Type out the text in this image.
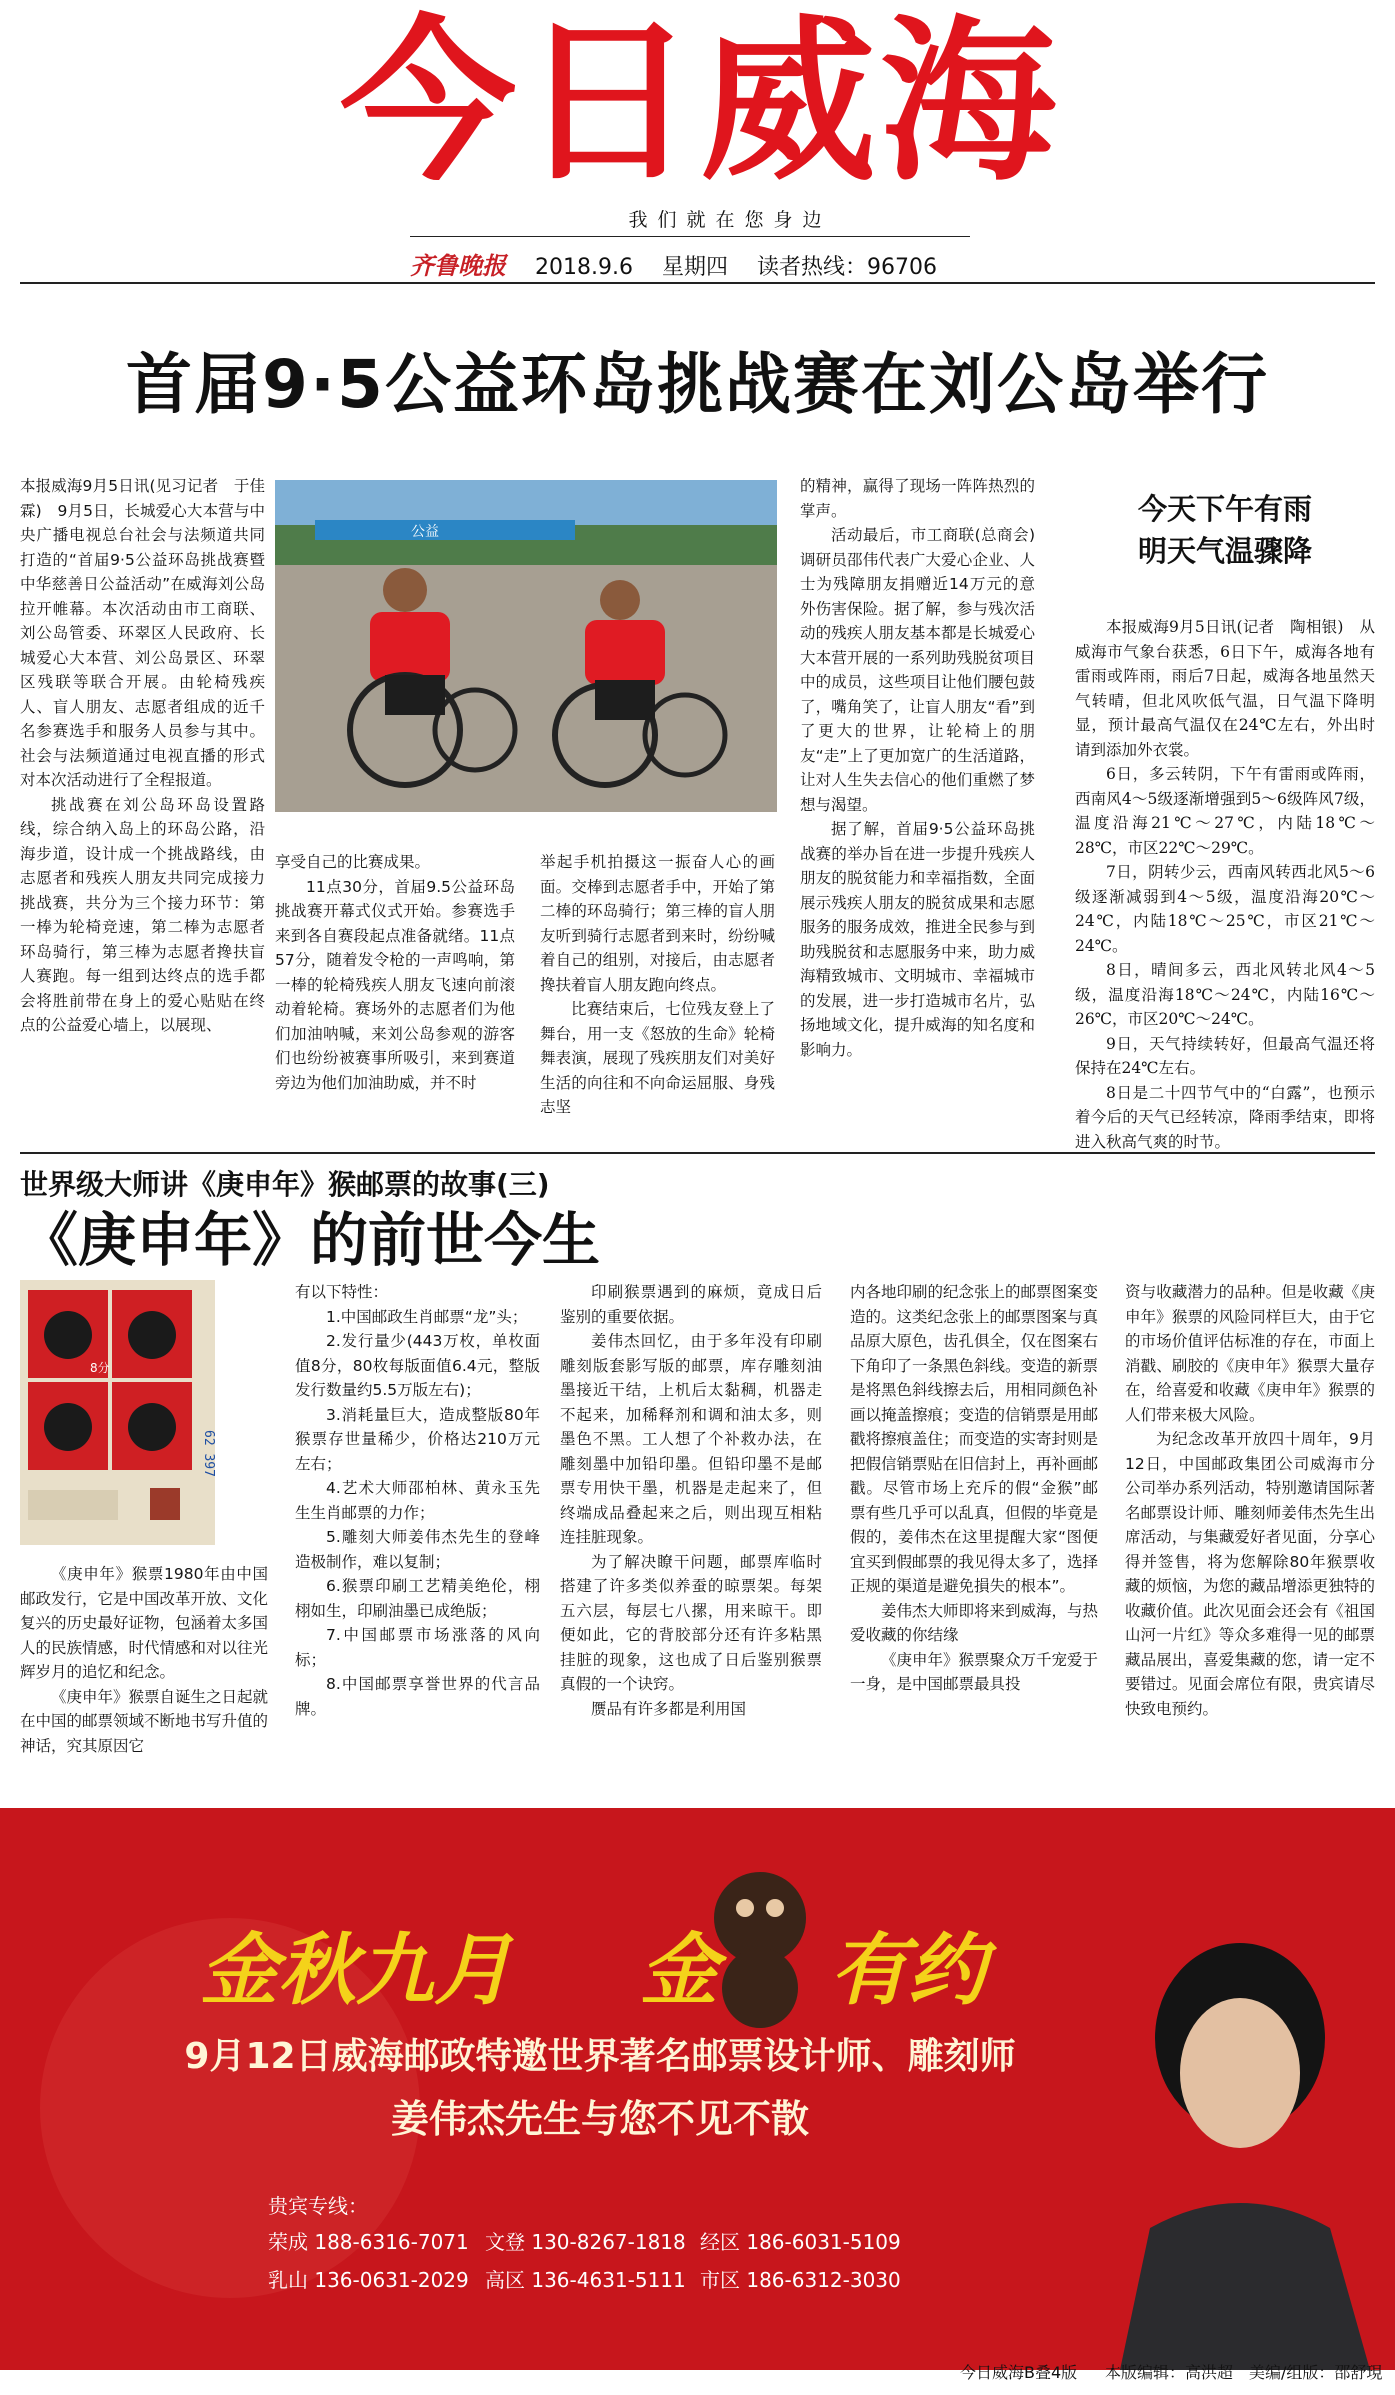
今日威海
我们就在您身边
齐鲁晚报 2018.9.6 星期四 读者热线：96706
首届9·5公益环岛挑战赛在刘公岛举行

本报威海9月5日讯(见习记者　于佳霖)　9月5日，长城爱心大本营与中央广播电视总台社会与法频道共同打造的“首届9·5公益环岛挑战赛暨中华慈善日公益活动”在威海刘公岛拉开帷幕。本次活动由市工商联、刘公岛管委、环翠区人民政府、长城爱心大本营、刘公岛景区、环翠区残联等联合开展。由轮椅残疾人、盲人朋友、志愿者组成的近千名参赛选手和服务人员参与其中。社会与法频道通过电视直播的形式对本次活动进行了全程报道。

挑战赛在刘公岛环岛设置路线，综合纳入岛上的环岛公路，沿海步道，设计成一个挑战路线，由志愿者和残疾人朋友共同完成接力挑战赛，共分为三个接力环节：第一棒为轮椅竞速，第二棒为志愿者环岛骑行，第三棒为志愿者搀扶盲人赛跑。每一组到达终点的选手都会将胜前带在身上的爱心贴贴在终点的公益爱心墙上，以展现、

公益

享受自己的比赛成果。

11点30分，首届9.5公益环岛挑战赛开幕式仪式开始。参赛选手来到各自赛段起点准备就绪。11点57分，随着发令枪的一声鸣响，第一棒的轮椅残疾人朋友飞速向前滚动着轮椅。赛场外的志愿者们为他们加油呐喊，来刘公岛参观的游客们也纷纷被赛事所吸引，来到赛道旁边为他们加油助威，并不时

举起手机拍摄这一振奋人心的画面。交棒到志愿者手中，开始了第二棒的环岛骑行；第三棒的盲人朋友听到骑行志愿者到来时，纷纷喊着自己的组别，对接后，由志愿者搀扶着盲人朋友跑向终点。

比赛结束后，七位残友登上了舞台，用一支《怒放的生命》轮椅舞表演，展现了残疾朋友们对美好生活的向往和不向命运屈服、身残志坚

的精神，赢得了现场一阵阵热烈的掌声。

活动最后，市工商联(总商会)调研员邵伟代表广大爱心企业、人士为残障朋友捐赠近14万元的意外伤害保险。据了解，参与残次活动的残疾人朋友基本都是长城爱心大本营开展的一系列助残脱贫项目中的成员，这些项目让他们腰包鼓了，嘴角笑了，让盲人朋友“看”到了更大的世界，让轮椅上的朋友“走”上了更加宽广的生活道路，让对人生失去信心的他们重燃了梦想与渴望。

据了解，首届9·5公益环岛挑战赛的举办旨在进一步提升残疾人朋友的脱贫能力和幸福指数，全面展示残疾人朋友的脱贫成果和志愿服务的服务成效，推进全民参与到助残脱贫和志愿服务中来，助力威海精致城市、文明城市、幸福城市的发展，进一步打造城市名片，弘扬地域文化，提升威海的知名度和影响力。

今天下午有雨
明天气温骤降

本报威海9月5日讯(记者　陶相银)　从威海市气象台获悉，6日下午，威海各地有雷雨或阵雨，雨后7日起，威海各地虽然天气转晴，但北风吹低气温，日气温下降明显，预计最高气温仅在24℃左右，外出时请到添加外衣裳。

6日，多云转阴，下午有雷雨或阵雨，西南风4～5级逐渐增强到5～6级阵风7级，温度沿海21℃～27℃，内陆18℃～28℃，市区22℃～29℃。

7日，阴转少云，西南风转西北风5～6级逐渐减弱到4～5级，温度沿海20℃～24℃，内陆18℃～25℃，市区21℃～24℃。

8日，晴间多云，西北风转北风4～5级，温度沿海18℃～24℃，内陆16℃～26℃，市区20℃～24℃。

9日，天气持续转好，但最高气温还将保持在24℃左右。

8日是二十四节气中的“白露”，也预示着今后的天气已经转凉，降雨季结束，即将进入秋高气爽的时节。

世界级大师讲《庚申年》猴邮票的故事(三)
《庚申年》的前世今生
8分
62 397

《庚申年》猴票1980年由中国邮政发行，它是中国改革开放、文化复兴的历史最好证物，包涵着太多国人的民族情感，时代情感和对以往光辉岁月的追忆和纪念。

《庚申年》猴票自诞生之日起就在中国的邮票领域不断地书写升值的神话，究其原因它

有以下特性：

1.中国邮政生肖邮票“龙”头；

2.发行量少(443万枚，单枚面值8分，80枚每版面值6.4元，整版发行数量约5.5万版左右)；

3.消耗量巨大，造成整版80年猴票存世量稀少，价格达210万元左右；

4.艺术大师邵柏林、黄永玉先生生肖邮票的力作；

5.雕刻大师姜伟杰先生的登峰造极制作，难以复制；

6.猴票印刷工艺精美绝伦，栩栩如生，印刷油墨已成绝版；

7.中国邮票市场涨落的风向标；

8.中国邮票享誉世界的代言品牌。

印刷猴票遇到的麻烦，竟成日后鉴别的重要依据。

姜伟杰回忆，由于多年没有印刷雕刻版套影写版的邮票，库存雕刻油墨接近干结，上机后太黏稠，机器走不起来，加稀释剂和调和油太多，则墨色不黑。工人想了个补救办法，在雕刻墨中加铅印墨。但铅印墨不是邮票专用快干墨，机器是走起来了，但终端成品叠起来之后，则出现互相粘连挂脏现象。

为了解决瞭干问题，邮票库临时搭建了许多类似养蚕的晾票架。每架五六层，每层七八摞，用来晾干。即便如此，它的背胶部分还有许多粘黑挂脏的现象，这也成了日后鉴别猴票真假的一个诀窍。

赝品有许多都是利用国

内各地印刷的纪念张上的邮票图案变造的。这类纪念张上的邮票图案与真品原大原色，齿孔俱全，仅在图案右下角印了一条黑色斜线。变造的新票是将黑色斜线擦去后，用相同颜色补画以掩盖擦痕；变造的信销票是用邮戳将擦痕盖住；而变造的实寄封则是把假信销票贴在旧信封上，再补画邮戳。尽管市场上充斥的假“金猴”邮票有些几乎可以乱真，但假的毕竟是假的，姜伟杰在这里提醒大家“图便宜买到假邮票的我见得太多了，选择正规的渠道是避免損失的根本”。

姜伟杰大师即将来到威海，与热爱收藏的你结缘

《庚申年》猴票聚众万千宠爱于一身，是中国邮票最具投

资与收藏潜力的品种。但是收藏《庚申年》猴票的风险同样巨大，由于它的市场价值评估标准的存在，市面上消戳、刷胶的《庚申年》猴票大量存在，给喜爱和收藏《庚申年》猴票的人们带来极大风险。

为纪念改革开放四十周年，9月12日，中国邮政集团公司威海市分公司举办系列活动，特别邀请国际著名邮票设计师、雕刻师姜伟杰先生出席活动，与集藏爱好者见面，分享心得并签售，将为您解除80年猴票收藏的烦恼，为您的藏品增添更独特的收藏价值。此次见面会还会有《祖国山河一片红》等众多难得一见的邮票藏品展出，喜爱集藏的您，请一定不要错过。见面会席位有限，贵宾请尽快致电预约。

金秋九月 金 有约
9月12日威海邮政特邀世界著名邮票设计师、雕刻师
姜伟杰先生与您不见不散
贵宾专线：
荣成 188-6316-7071 文登 130-8267-1818 经区 186-6031-5109
乳山 136-0631-2029 高区 136-4631-5111 市区 186-6312-3030
今日威海B叠4版 本版编辑：高洪超　美编/组版：邵舒現
